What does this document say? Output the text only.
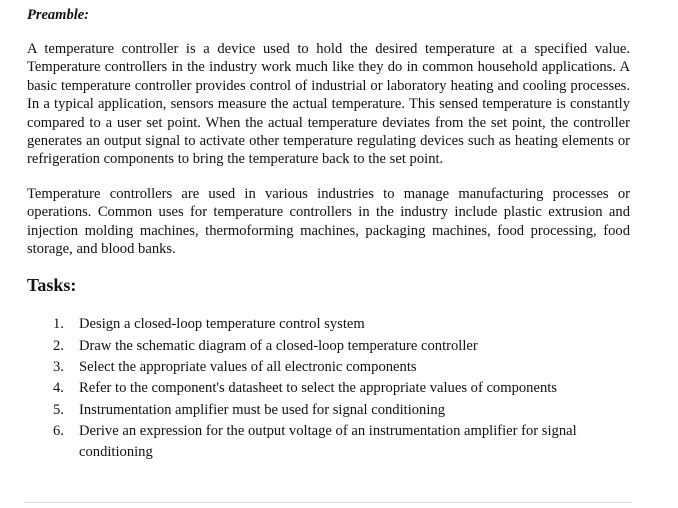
Preamble:

A temperature controller is a device used to hold the desired temperature at a specified value. Temperature controllers in the industry work much like they do in common household applications. A basic temperature controller provides control of industrial or laboratory heating and cooling processes. In a typical application, sensors measure the actual temperature. This sensed temperature is constantly compared to a user set point. When the actual temperature deviates from the set point, the controller generates an output signal to activate other temperature regulating devices such as heating elements or refrigeration components to bring the temperature back to the set point.

Temperature controllers are used in various industries to manage manufacturing processes or operations. Common uses for temperature controllers in the industry include plastic extrusion and injection molding machines, thermoforming machines, packaging machines, food processing, food storage, and blood banks.

Tasks:
1.	Design a closed-loop temperature control system
2.	Draw the schematic diagram of a closed-loop temperature controller
3.	Select the appropriate values of all electronic components
4.	Refer to the component's datasheet to select the appropriate values of components
5.	Instrumentation amplifier must be used for signal conditioning
6.	Derive an expression for the output voltage of an instrumentation amplifier for signal conditioning
